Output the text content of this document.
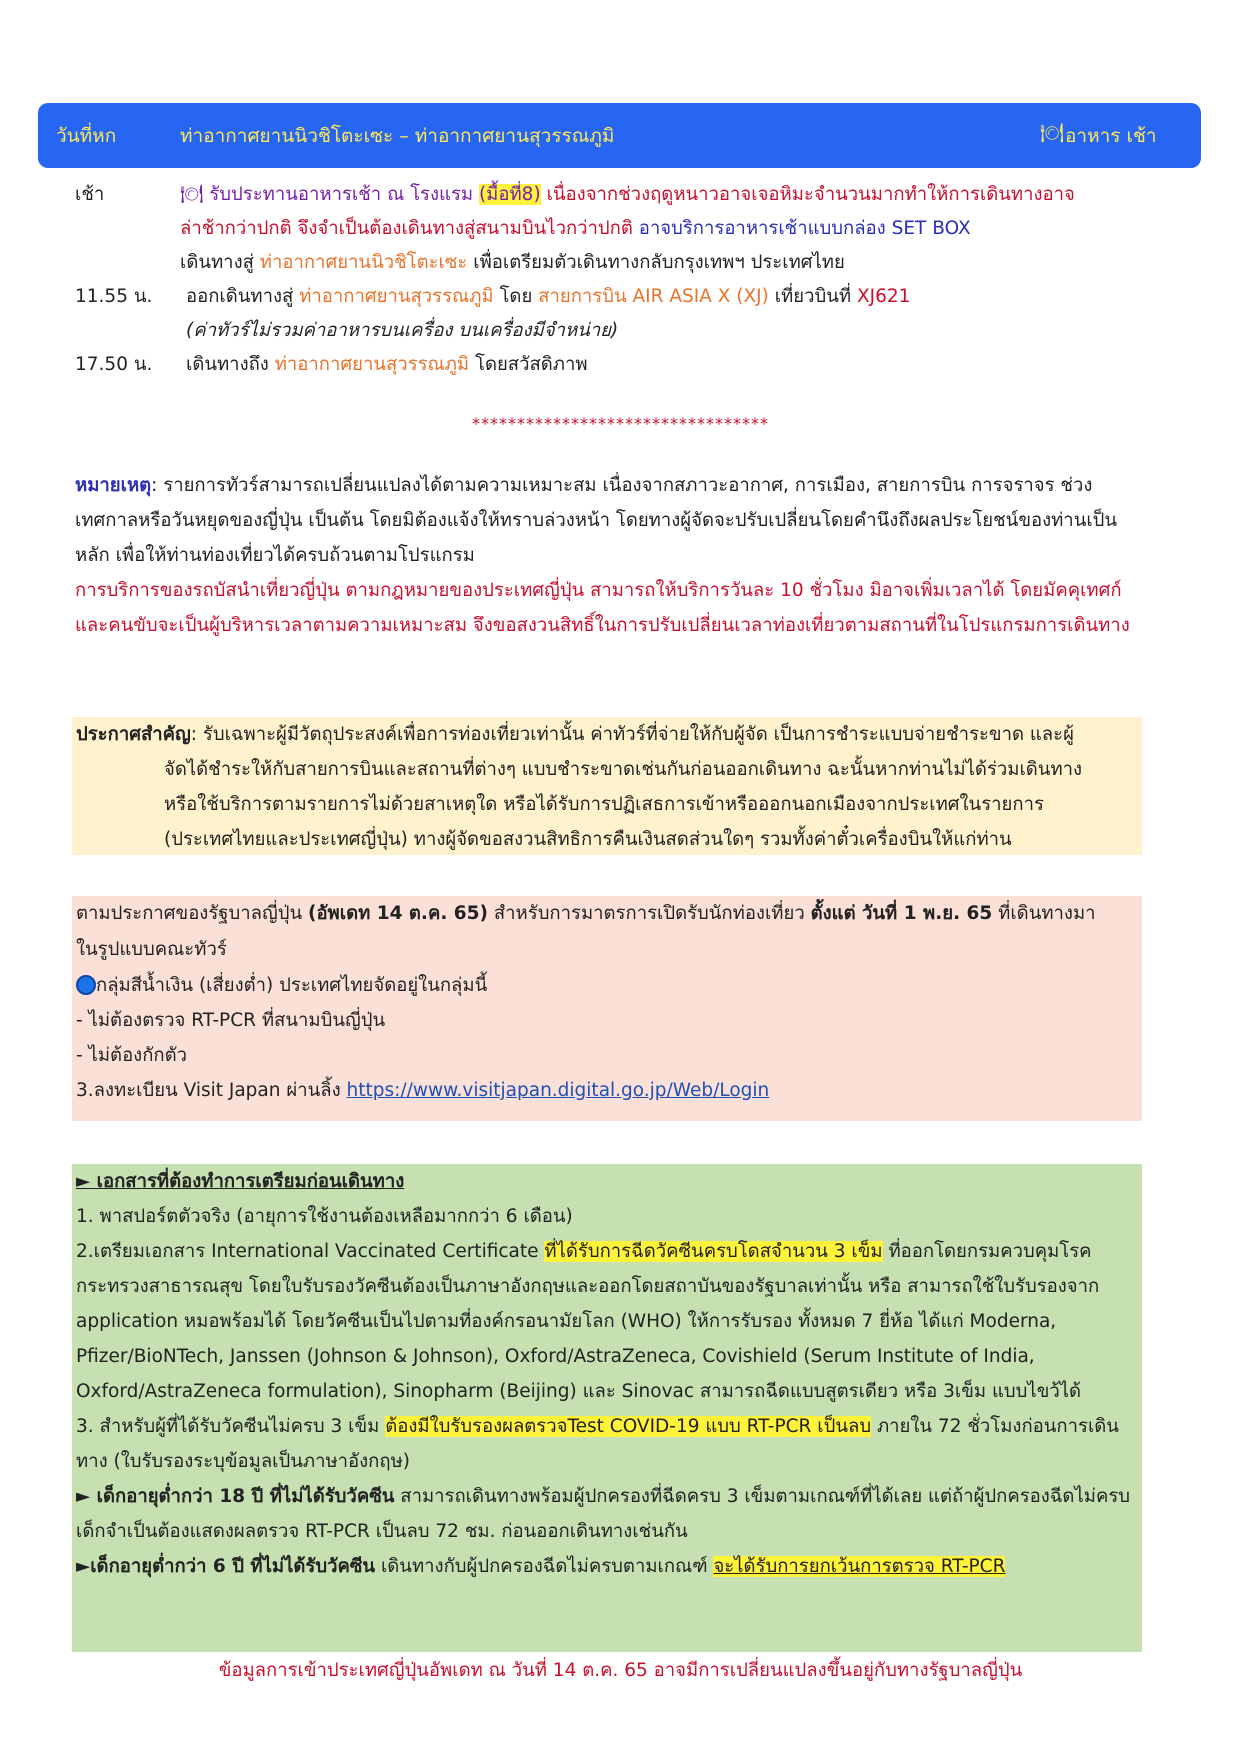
วันที่หก	ท่าอากาศยานนิวชิโตะเซะ – ท่าอากาศยานสุวรรณภูมิ	🍽 อาหาร เช้า
เช้า	🍽 รับประทานอาหารเช้า ณ โรงแรม (มื้อที่8) เนื่องจากช่วงฤดูหนาวอาจเจอหิมะจำนวนมากทำให้การเดินทางอาจ
ล่าช้ากว่าปกติ จึงจำเป็นต้องเดินทางสู่สนามบินไวกว่าปกติ อาจบริการอาหารเช้าแบบกล่อง SET BOX
เดินทางสู่ ท่าอากาศยานนิวชิโตะเซะ เพื่อเตรียมตัวเดินทางกลับกรุงเทพฯ ประเทศไทย
11.55 น.	ออกเดินทางสู่ ท่าอากาศยานสุวรรณภูมิ โดย สายการบิน AIR ASIA X (XJ) เที่ยวบินที่ XJ621
(ค่าทัวร์ไม่รวมค่าอาหารบนเครื่อง บนเครื่องมีจำหน่าย)
17.50 น.	เดินทางถึง ท่าอากาศยานสุวรรณภูมิ โดยสวัสดิภาพ
*********************************
หมายเหตุ: รายการทัวร์สามารถเปลี่ยนแปลงได้ตามความเหมาะสม เนื่องจากสภาวะอากาศ, การเมือง, สายการบิน การจราจร ช่วงเทศกาลหรือวันหยุดของญี่ปุ่น เป็นต้น โดยมิต้องแจ้งให้ทราบล่วงหน้า โดยทางผู้จัดจะปรับเปลี่ยนโดยคำนึงถึงผลประโยชน์ของท่านเป็นหลัก เพื่อให้ท่านท่องเที่ยวได้ครบถ้วนตามโปรแกรม
การบริการของรถบัสนำเที่ยวญี่ปุ่น ตามกฎหมายของประเทศญี่ปุ่น สามารถให้บริการวันละ 10 ชั่วโมง มิอาจเพิ่มเวลาได้ โดยมัคคุเทศก์และคนขับจะเป็นผู้บริหารเวลาตามความเหมาะสม จึงขอสงวนสิทธิ์ในการปรับเปลี่ยนเวลาท่องเที่ยวตามสถานที่ในโปรแกรมการเดินทาง
ประกาศสำคัญ: รับเฉพาะผู้มีวัตถุประสงค์เพื่อการท่องเที่ยวเท่านั้น ค่าทัวร์ที่จ่ายให้กับผู้จัด เป็นการชำระแบบจ่ายชำระขาด และผู้
จัดได้ชำระให้กับสายการบินและสถานที่ต่างๆ แบบชำระขาดเช่นกันก่อนออกเดินทาง ฉะนั้นหากท่านไม่ได้ร่วมเดินทาง
หรือใช้บริการตามรายการไม่ด้วยสาเหตุใด หรือได้รับการปฏิเสธการเข้าหรือออกนอกเมืองจากประเทศในรายการ
(ประเทศไทยและประเทศญี่ปุ่น) ทางผู้จัดขอสงวนสิทธิการคืนเงินสดส่วนใดๆ รวมทั้งค่าตั๋วเครื่องบินให้แก่ท่าน
ตามประกาศของรัฐบาลญี่ปุ่น (อัพเดท 14 ต.ค. 65) สำหรับการมาตรการเปิดรับนักท่องเที่ยว ตั้งแต่ วันที่ 1 พ.ย. 65 ที่เดินทางมา
ในรูปแบบคณะทัวร์
กลุ่มสีน้ำเงิน (เสี่ยงต่ำ) ประเทศไทยจัดอยู่ในกลุ่มนี้
- ไม่ต้องตรวจ RT-PCR ที่สนามบินญี่ปุ่น
- ไม่ต้องกักตัว
3.ลงทะเบียน Visit Japan ผ่านลิ้ง https://www.visitjapan.digital.go.jp/Web/Login
► เอกสารที่ต้องทำการเตรียมก่อนเดินทาง
1. พาสปอร์ตตัวจริง (อายุการใช้งานต้องเหลือมากกว่า 6 เดือน)
2.เตรียมเอกสาร International Vaccinated Certificate ที่ได้รับการฉีดวัคซีนครบโดสจำนวน 3 เข็ม ที่ออกโดยกรมควบคุมโรคกระทรวงสาธารณสุข โดยใบรับรองวัคซีนต้องเป็นภาษาอังกฤษและออกโดยสถาบันของรัฐบาลเท่านั้น หรือ สามารถใช้ใบรับรองจาก application หมอพร้อมได้ โดยวัคซีนเป็นไปตามที่องค์กรอนามัยโลก (WHO) ให้การรับรอง ทั้งหมด 7 ยี่ห้อ ได้แก่ Moderna, Pfizer/BioNTech, Janssen (Johnson & Johnson), Oxford/AstraZeneca, Covishield (Serum Institute of India, Oxford/AstraZeneca formulation), Sinopharm (Beijing) และ Sinovac สามารถฉีดแบบสูตรเดียว หรือ 3เข็ม แบบไขว้ได้
3. สำหรับผู้ที่ได้รับวัคซีนไม่ครบ 3 เข็ม ต้องมีใบรับรองผลตรวจTest COVID-19 แบบ RT-PCR เป็นลบ ภายใน 72 ชั่วโมงก่อนการเดินทาง (ใบรับรองระบุข้อมูลเป็นภาษาอังกฤษ)
► เด็กอายุต่ำกว่า 18 ปี ที่ไม่ได้รับวัคซีน สามารถเดินทางพร้อมผู้ปกครองที่ฉีดครบ 3 เข็มตามเกณฑ์ที่ได้เลย แต่ถ้าผู้ปกครองฉีดไม่ครบ เด็กจำเป็นต้องแสดงผลตรวจ RT-PCR เป็นลบ 72 ชม. ก่อนออกเดินทางเช่นกัน
►เด็กอายุต่ำกว่า 6 ปี ที่ไม่ได้รับวัคซีน เดินทางกับผู้ปกครองฉีดไม่ครบตามเกณฑ์ จะได้รับการยกเว้นการตรวจ RT-PCR
ข้อมูลการเข้าประเทศญี่ปุ่นอัพเดท ณ วันที่ 14 ต.ค. 65 อาจมีการเปลี่ยนแปลงขึ้นอยู่กับทางรัฐบาลญี่ปุ่น
